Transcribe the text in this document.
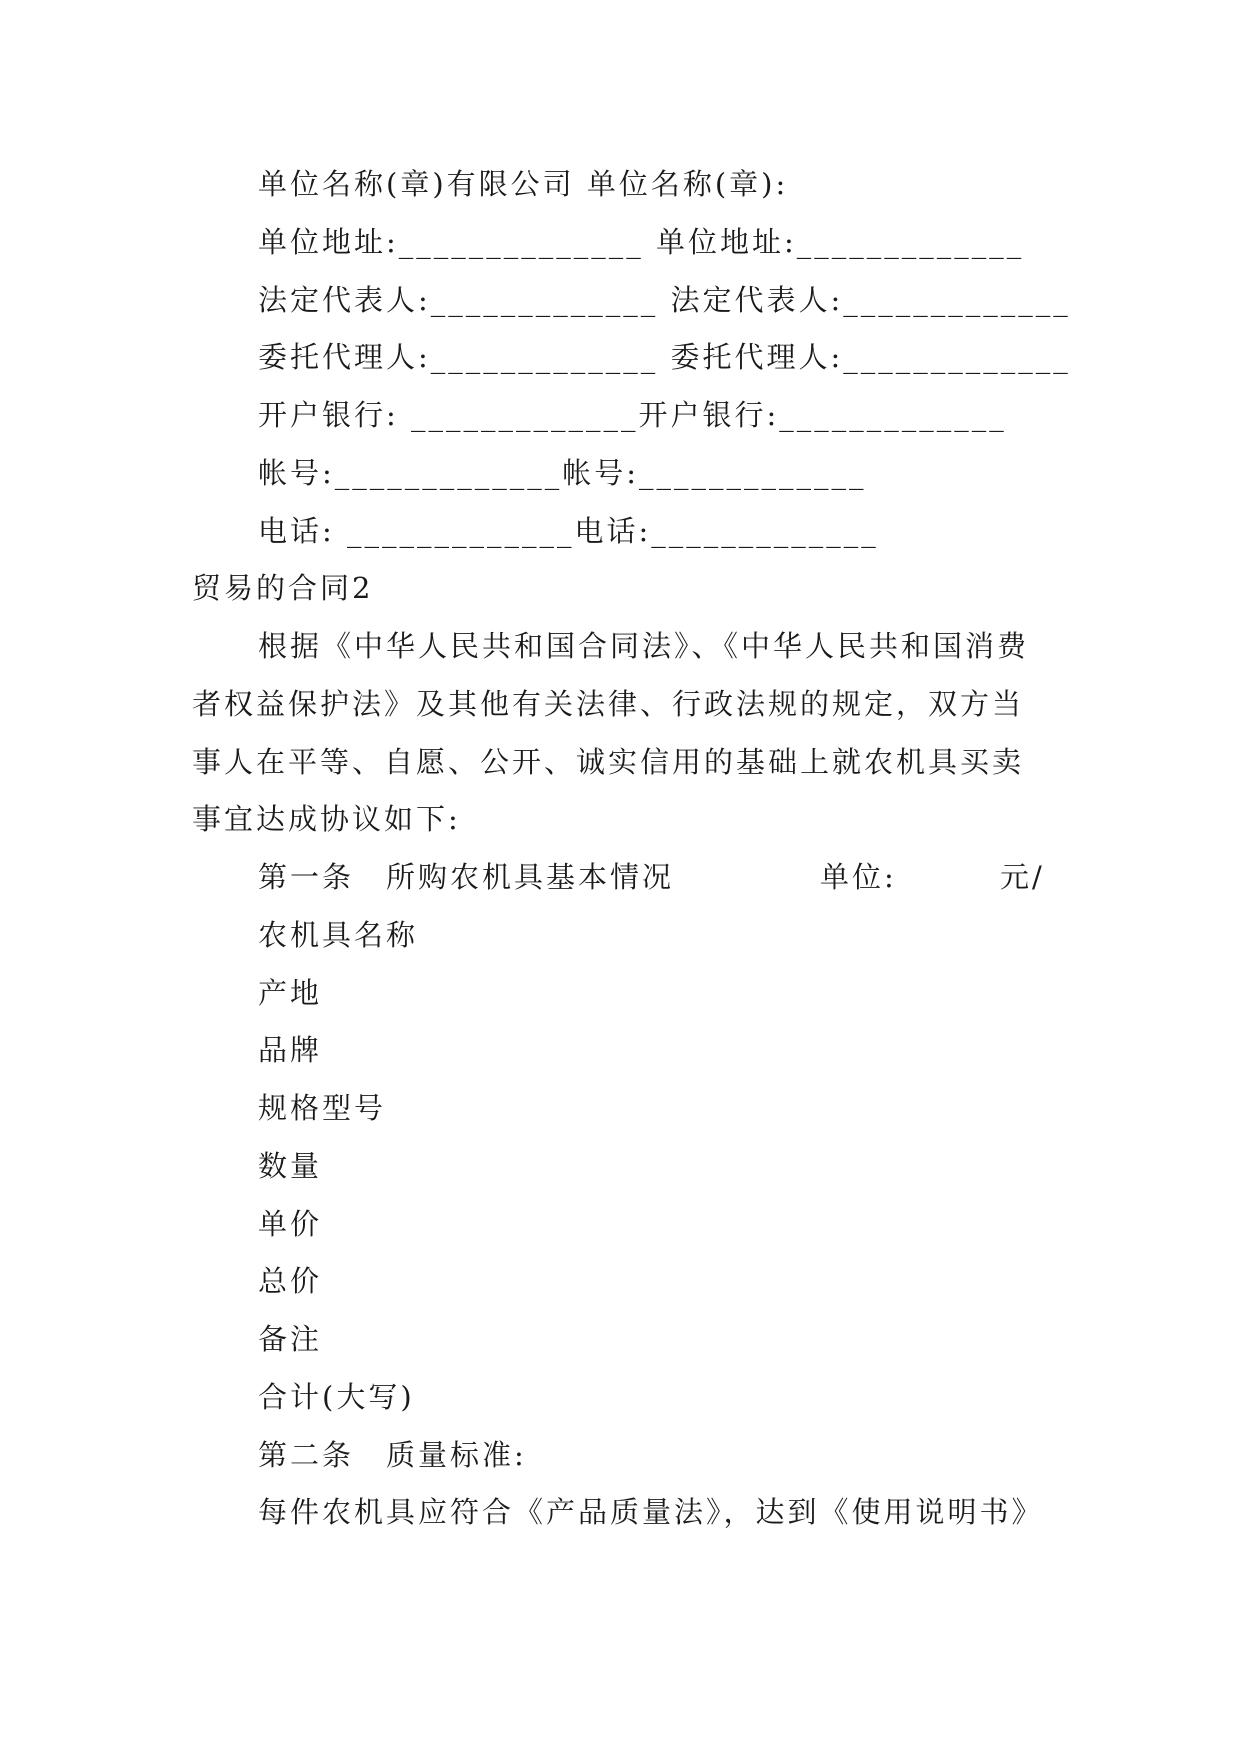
单位名称(章)有限公司 单位名称(章):
单位地址:______________ 单位地址:_____________
法定代表人:_____________ 法定代表人:_____________
委托代理人:_____________ 委托代理人:_____________
开户银行: _____________开户银行:_____________
帐号:_____________帐号:_____________
电话: _____________电话:_____________
贸易的合同2
根据《中华人民共和国合同法》、《中华人民共和国消费
者权益保护法》及其他有关法律、行政法规的规定，双方当
事人在平等、自愿、公开、诚实信用的基础上就农机具买卖
事宜达成协议如下:
第一条　所购农机具基本情况	单位:	元/
农机具名称
产地
品牌
规格型号
数量
单价
总价
备注
合计(大写)
第二条　质量标准:
每件农机具应符合《产品质量法》，达到《使用说明书》
